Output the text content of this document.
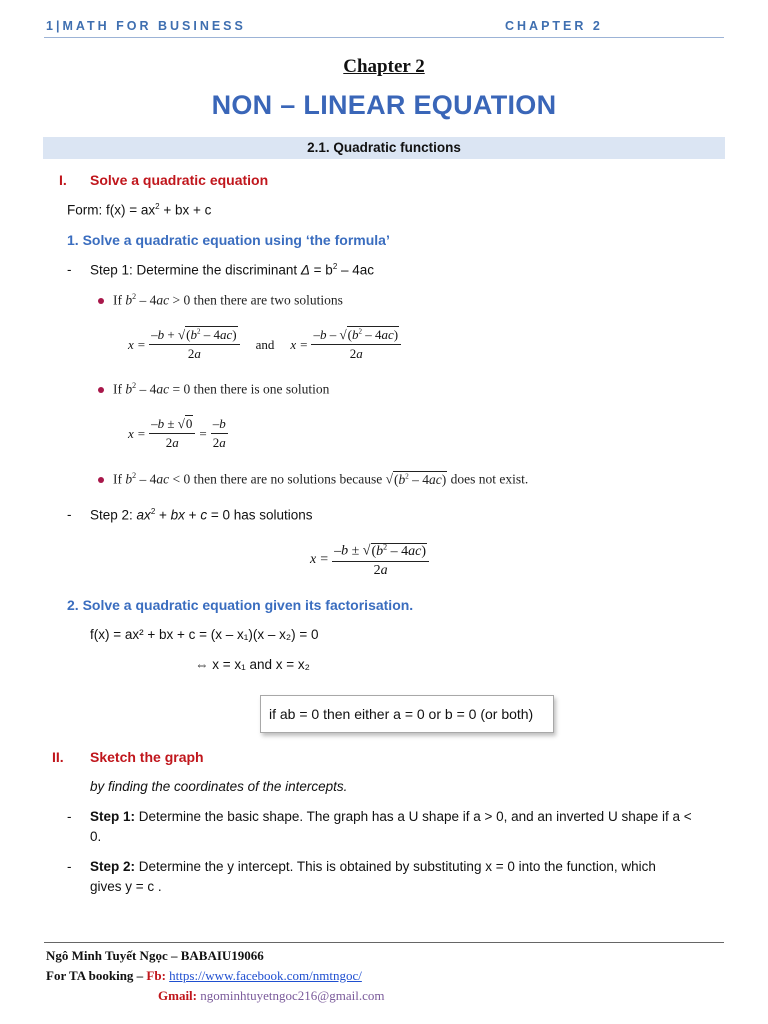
1|MATH FOR BUSINESS	CHAPTER 2
Chapter 2
NON – LINEAR EQUATION
2.1. Quadratic functions
I. Solve a quadratic equation
Form: $f(x) = ax^2$ + bx + c
1. Solve a quadratic equation using ‘the formula’
- Step 1: Determine the discriminant $\Delta = b^2 - 4ac$
If $b^2 - 4ac > 0$ then there are two solutions
$x = \frac{-b + √(b^2 - 4ac)}{2a}$ and $x = \frac{-b - √(b^2 - 4ac)}{2a}$
If $b^2 - 4ac = 0$ then there is one solution
$x = \frac{-b \pm √0}{2a} = \frac{-b}{2a}$
If $b^2 - 4ac < 0$ then there are no solutions because $√(b^2 - 4ac)$ does not exist.
- Step 2: $ax^2$ + bx + c = 0 has solutions
$x = \frac{-b \pm √(b^2 - 4ac)}{2a}$
2. Solve a quadratic equation given its factorisation.
f(x) = ax² + bx + c = (x – x₁)(x – x₂) = 0
⇔ x = x₁ and x = x₂
if ab = 0 then either a = 0 or b = 0 (or both)
II. Sketch the graph
by finding the coordinates of the intercepts.
- Step 1: Determine the basic shape. The graph has a U shape if a > 0, and an inverted U shape if a <
0.
- Step 2: Determine the y intercept. This is obtained by substituting x = 0 into the function, which
gives y = c .
Ngô Minh Tuyết Ngọc – BABAIU19066
For TA booking – Fb: https://www.facebook.com/nmtngoc/
Gmail: ngominhtuyetngoc216@gmail.com
